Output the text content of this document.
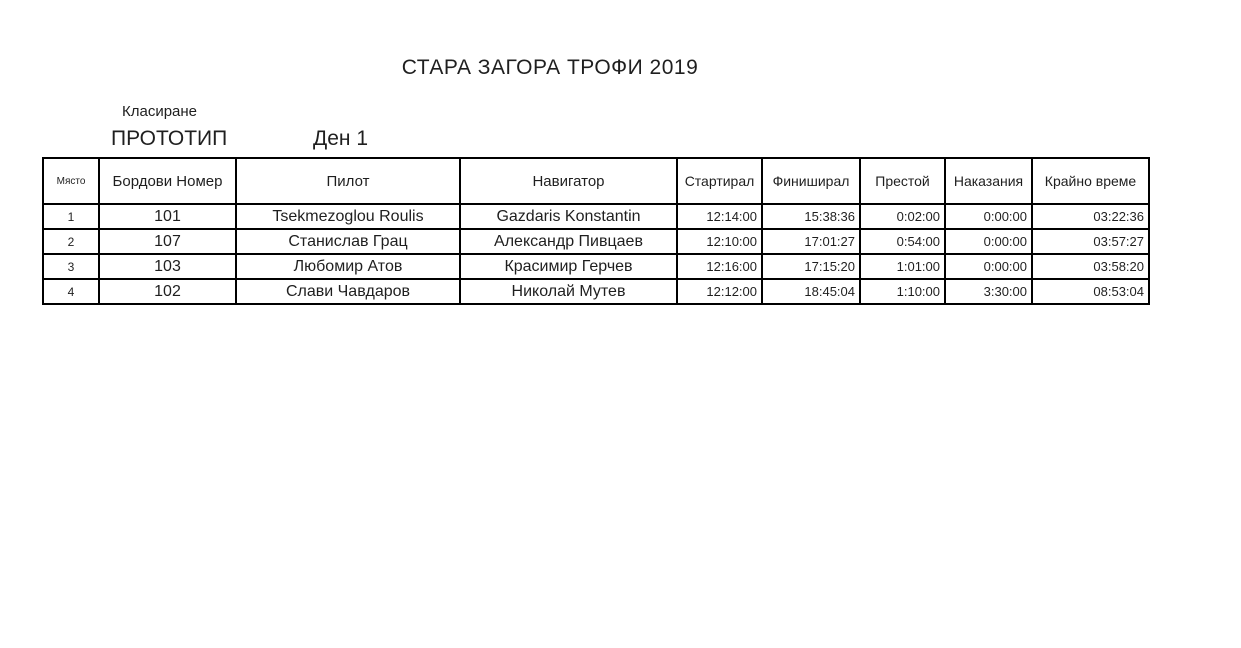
СТАРА ЗАГОРА ТРОФИ 2019
Класиране
ПРОТОТИП	Ден 1
Място	Бордови Номер	Пилот	Навигатор	Стартирал	Финиширал	Престой	Наказания	Крайно време
1	101	Tsekmezoglou Roulis	Gazdaris Konstantin	12:14:00	15:38:36	0:02:00	0:00:00	03:22:36
2	107	Станислав Грац	Александр Пивцаев	12:10:00	17:01:27	0:54:00	0:00:00	03:57:27
3	103	Любомир Атов	Красимир Герчев	12:16:00	17:15:20	1:01:00	0:00:00	03:58:20
4	102	Слави Чавдаров	Николай Мутев	12:12:00	18:45:04	1:10:00	3:30:00	08:53:04
